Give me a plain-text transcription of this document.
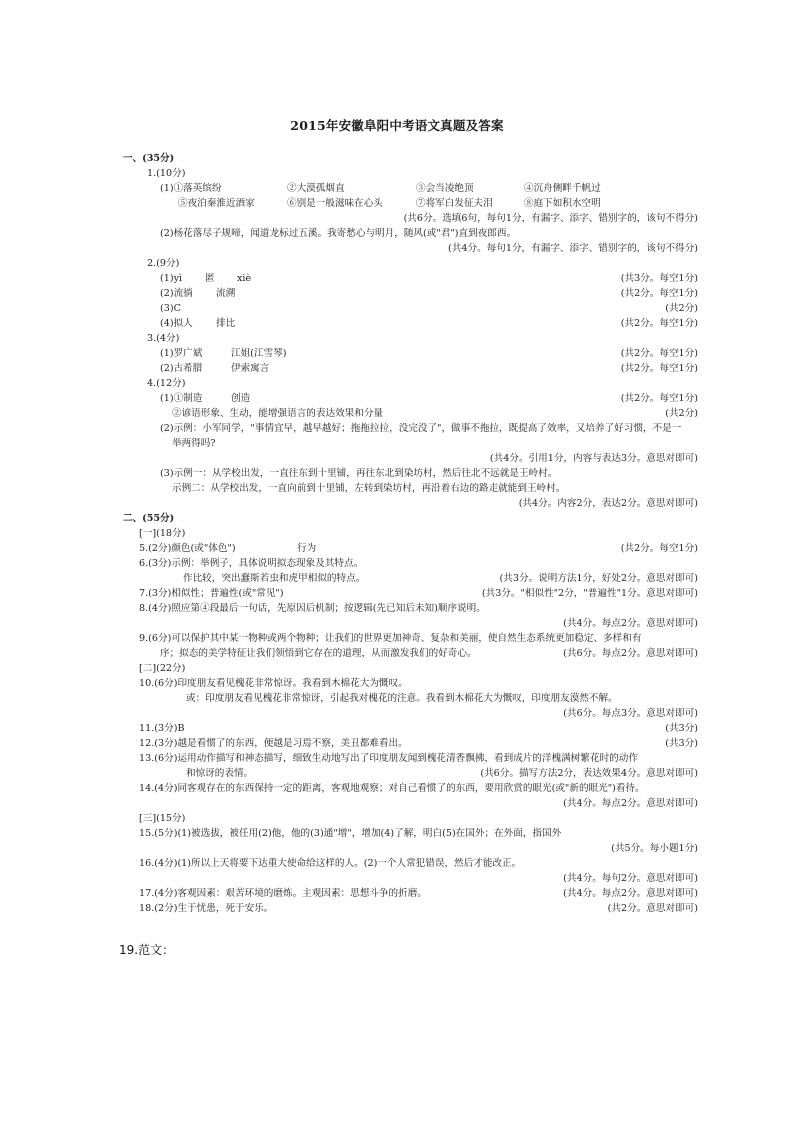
2015年安徽阜阳中考语文真题及答案
一、(35分)
1.(10分)
(1)①落英缤纷	②大漠孤烟直	③会当凌绝顶	④沉舟侧畔千帆过
⑤夜泊秦淮近酒家	⑥别是一般滋味在心头	⑦将军白发征夫泪	⑧庭下如积水空明
(共6分。选填6句，每句1分，有漏字、添字、错别字的，该句不得分)
(2)杨花落尽子规啼，闻道龙标过五溪。我寄愁心与明月，随风(或"君")直到夜郎西。
(共4分。每句1分，有漏字、添字、错别字的，该句不得分)
2.(9分)
(1)yì 匿 xiè	(共3分。每空1分)
(2)流徜 流溯	(共2分。每空1分)
(3)C	(共2分)
(4)拟人 排比	(共2分。每空1分)
3.(4分)
(1)罗广斌	江姐(江雪琴)	(共2分。每空1分)
(2)古希腊	伊索寓言	(共2分。每空1分)
4.(12分)
(1)①制造	创造	(共2分。每空1分)
②谚语形象、生动，能增强语言的表达效果和分量	(共2分)
(2)示例：小军同学，"事情宜早，越早越好；拖拖拉拉，没完没了"，做事不拖拉，既提高了效率，又培养了好习惯，不是一
举两得吗?
(共4分。引用1分，内容与表达3分。意思对即可)
(3)示例一：从学校出发，一直往东到十里铺，再往东北到染坊村，然后往北不远就是王岭村。
示例二：从学校出发，一直向前到十里铺，左转到染坊村，再沿着右边的路走就能到王岭村。
(共4分。内容2分，表达2分。意思对即可)
二、(55分)
[一](18分)
5.(2分)颜色(或"体色")	行为	(共2分。每空1分)
6.(3分)示例：举例子，具体说明拟态现象及其特点。
作比较，突出蠢斯若虫和虎甲相似的特点。	(共3分。说明方法1分，好处2分。意思对即可)
7.(3分)相似性；普遍性(或"常见")	(共3分。"相似性"2分，"普遍性"1分。意思对即可)
8.(4分)照应第④段最后一句话，先原因后机制；按逻辑(先已知后未知)顺序说明。
(共4分。每点2分。意思对即可)
9.(6分)可以保护其中某一物种或两个物种；让我们的世界更加神奇、复杂和美丽，使自然生态系统更加稳定、多样和有
序；拟态的美学特征让我们领悟到它存在的道理，从而激发我们的好奇心。	(共6分。每点2分。意思对即可)
[二](22分)
10.(6分)印度朋友看见槐花非常惊讶。我看到木棉花大为慨叹。
或：印度朋友看见槐花非常惊讶，引起我对槐花的注意。我看到木棉花大为慨叹，印度朋友漠然不解。
(共6分。每点3分。意思对即可)
11.(3分)B	(共3分)
12.(3分)越是看惯了的东西，便越是习焉不察，美丑都难看出。	(共3分)
13.(6分)运用动作描写和神态描写，细致生动地写出了印度朋友闻到槐花清香飘拂，看到成片的洋槐满树繁花时的动作
和惊讶的表情。	(共6分。描写方法2分，表达效果4分。意思对即可)
14.(4分)同客观存在的东西保持一定的距离，客观地观察；对自己看惯了的东西，要用欣赏的眼光(或"新的眼光")看待。
(共4分。每点2分。意思对即可)
[三](15分)
15.(5分)(1)被选拔，被任用(2)他，他的(3)通"增"，增加(4)了解，明白(5)在国外；在外面，指国外
(共5分。每小题1分)
16.(4分)(1)所以上天将要下达重大使命给这样的人。(2)一个人常犯错误，然后才能改正。
(共4分。每句2分。意思对即可)
17.(4分)客观因素：艰苦环境的磨炼。主观因素：思想斗争的折磨。	(共4分。每点2分。意思对即可)
18.(2分)生于忧患，死于安乐。	(共2分。意思对即可)
19.范文：
